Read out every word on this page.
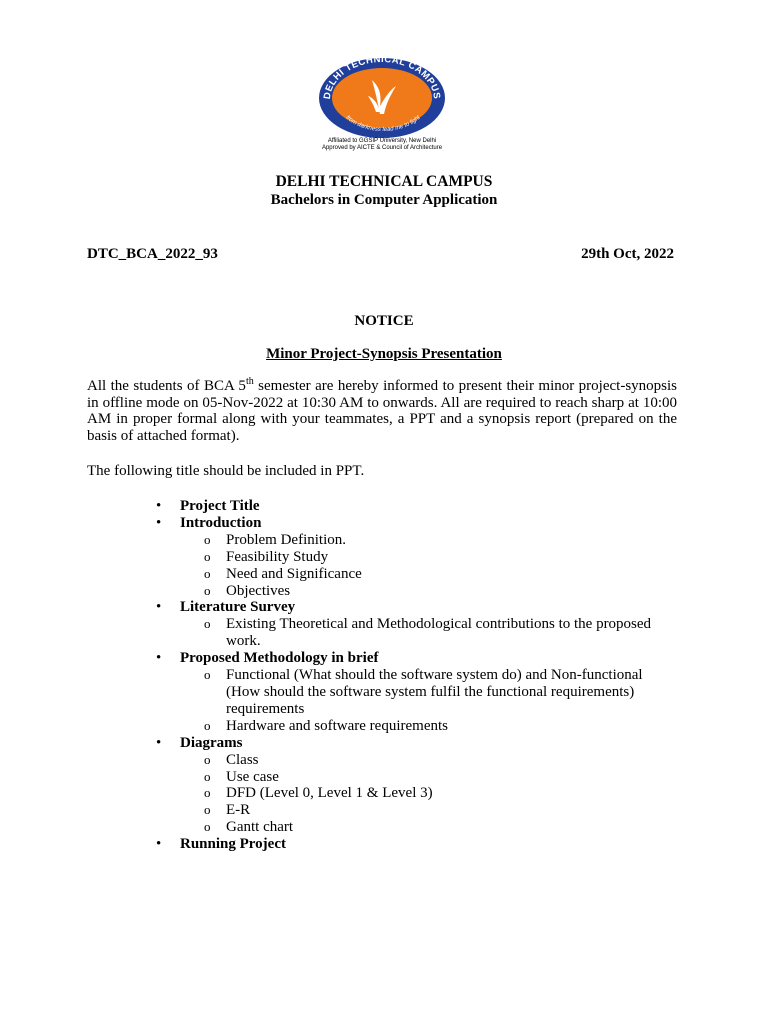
DELHI TECHNICAL CAMPUS
from darkness lead me to light
Affiliated to GGSIP University, New Delhi
Approved by AICTE & Council of Architecture
DELHI TECHNICAL CAMPUS
Bachelors in Computer Application
DTC_BCA_2022_93	29th Oct, 2022
NOTICE
Minor Project-Synopsis Presentation
All the students of BCA 5th semester are hereby informed to present their minor project-synopsis in offline mode on 05-Nov-2022 at 10:30 AM to onwards. All are required to reach sharp at 10:00 AM in proper formal along with your teammates, a PPT and a synopsis report (prepared on the basis of attached format).
The following title should be included in PPT.
• Project Title
• Introduction
o Problem Definition.
o Feasibility Study
o Need and Significance
o Objectives
• Literature Survey
o Existing Theoretical and Methodological contributions to the proposed work.
• Proposed Methodology in brief
o Functional (What should the software system do) and Non-functional (How should the software system fulfil the functional requirements) requirements
o Hardware and software requirements
• Diagrams
o Class
o Use case
o DFD (Level 0, Level 1 & Level 3)
o E-R
o Gantt chart
• Running Project
